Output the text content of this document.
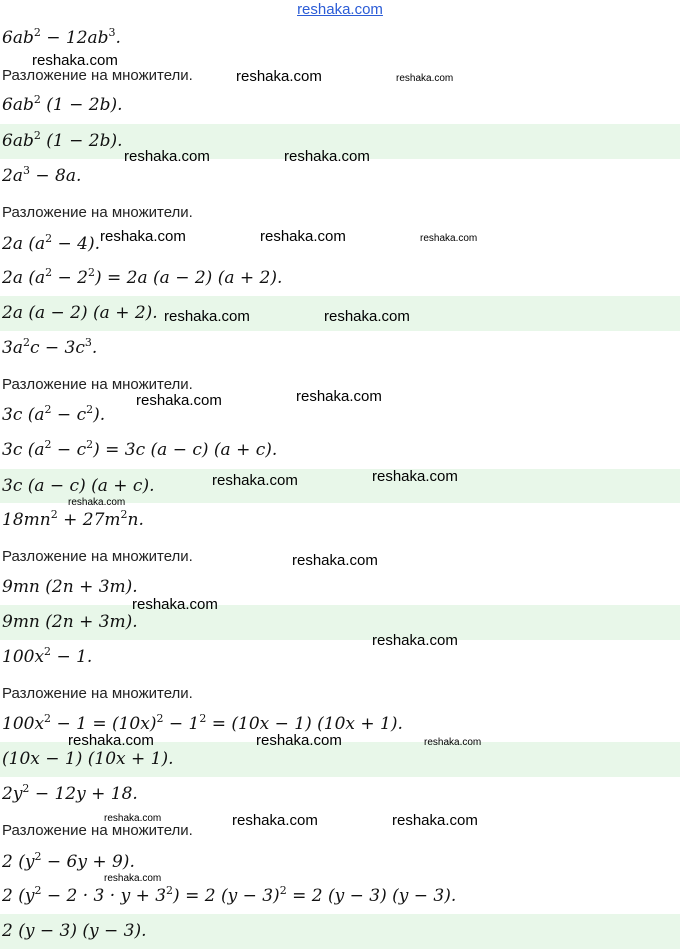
reshaka.com
$6ab^2 - 12ab^3$.
Разложение на множители.
$6ab^2$ (1 − 2b).
$6ab^2$ (1 − 2b).
$2a^3 - 8a$.
Разложение на множители.
2a $(a^2 - 4)$.
2a $(a^2 - 2^2) = 2a$ (a − 2) (a + 2).
2a (a − 2) (a + 2).
$3a^2c - 3c^3$.
Разложение на множители.
3c $(a^2 - c^2)$.
3c $(a^2 - c^2) = 3c$ (a − c) (a + c).
3c (a − c) (a + c).
$18mn^2 + 27m^2n$.
Разложение на множители.
9mn (2n + 3m).
9mn (2n + 3m).
$100x^2 - 1$.
Разложение на множители.
$100x^2 - 1 = (10x)^2 - 1^2 = (10x - 1) (10x + 1)$.
(10x − 1) (10x + 1).
$2y^2 - 12y + 18$.
Разложение на множители.
2 $(y^2 - 6y + 9)$.
2 $(y^2 - 2 \cdot 3 \cdot y + 3^2) = 2$ $(y - 3)^2 = 2$ (y − 3) (y − 3).
2 (y − 3) (y − 3).
reshaka.com
reshaka.com	reshaka.com
reshaka.com	reshaka.com
reshaka.com	reshaka.com	reshaka.com
reshaka.com	reshaka.com
reshaka.com
reshaka.com
reshaka.com
reshaka.com
reshaka.com
reshaka.com
reshaka.com
reshaka.com
reshaka.com	reshaka.com	reshaka.com
reshaka.com	reshaka.com	reshaka.com
reshaka.com
